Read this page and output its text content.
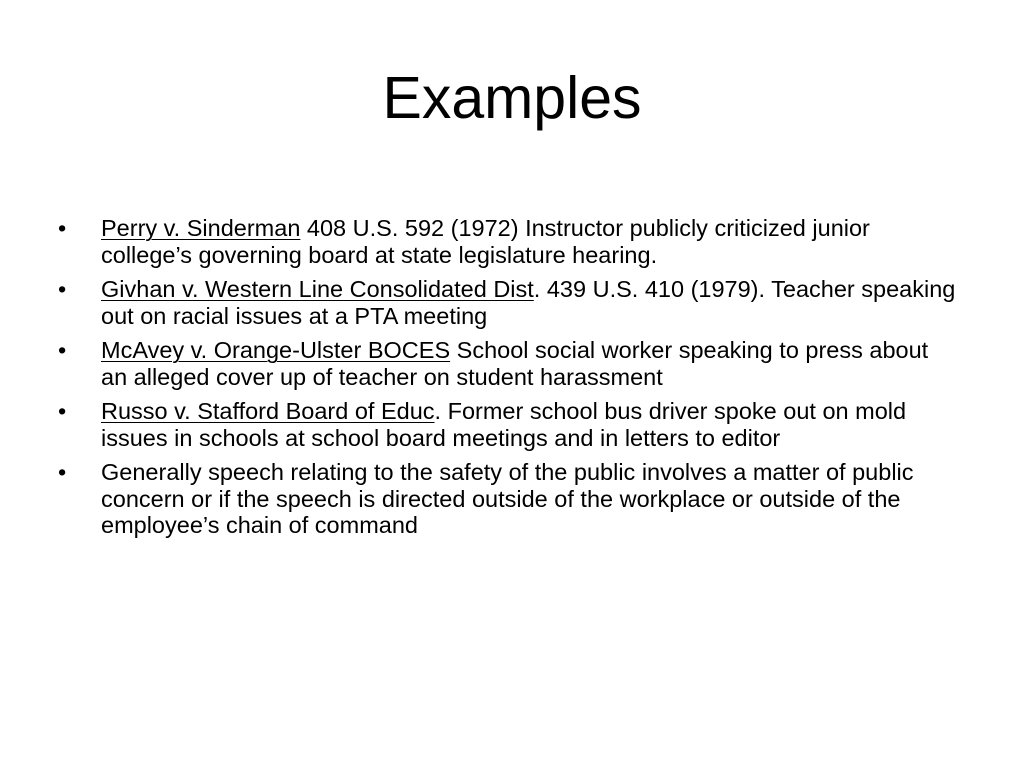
Examples
•	Perry v. Sinderman 408 U.S. 592 (1972) Instructor publicly criticized junior college’s governing board at state legislature hearing.
•	Givhan v. Western Line Consolidated Dist. 439 U.S. 410 (1979). Teacher speaking out on racial issues at a PTA meeting
•	McAvey v. Orange-Ulster BOCES School social worker speaking to press about an alleged cover up of teacher on student harassment
•	Russo v. Stafford Board of Educ. Former school bus driver spoke out on mold issues in schools at school board meetings and in letters to editor
•	Generally speech relating to the safety of the public involves a matter of public concern or if the speech is directed outside of the workplace or outside of the employee’s chain of command
